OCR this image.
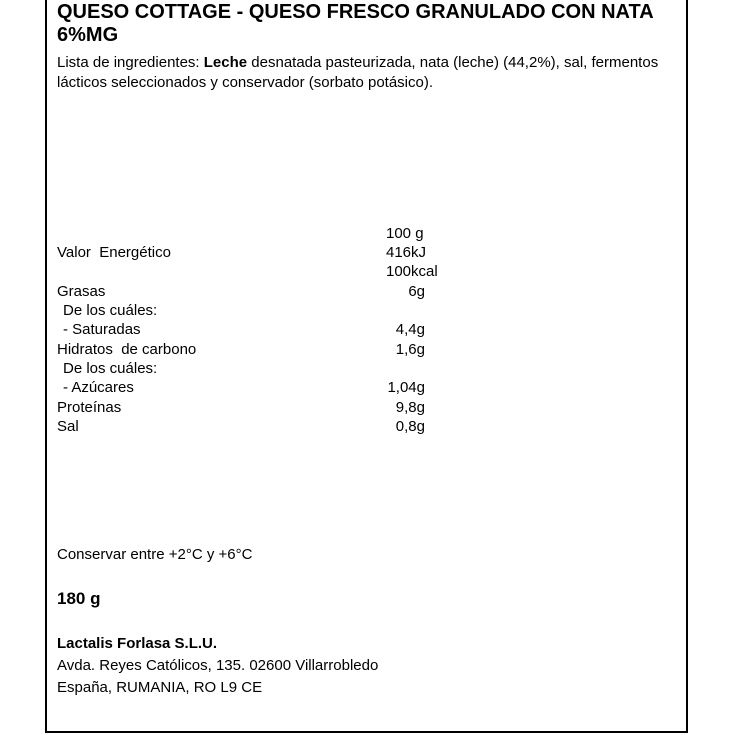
QUESO COTTAGE - QUESO FRESCO GRANULADO CON NATA 6%MG
Lista de ingredientes: Leche desnatada pasteurizada, nata (leche) (44,2%), sal, fermentos lácticos seleccionados y conservador (sorbato potásico).
100 g
Valor  Energético	416kJ
100kcal
Grasas	6g
De los cuáles:
- Saturadas	4,4g
Hidratos  de carbono	1,6g
De los cuáles:
- Azúcares	1,04g
Proteínas	9,8g
Sal	0,8g
Conservar entre +2°C y +6°C
180 g
Lactalis Forlasa S.L.U.
Avda. Reyes Católicos, 135. 02600 Villarrobledo
España, RUMANIA, RO L9 CE
